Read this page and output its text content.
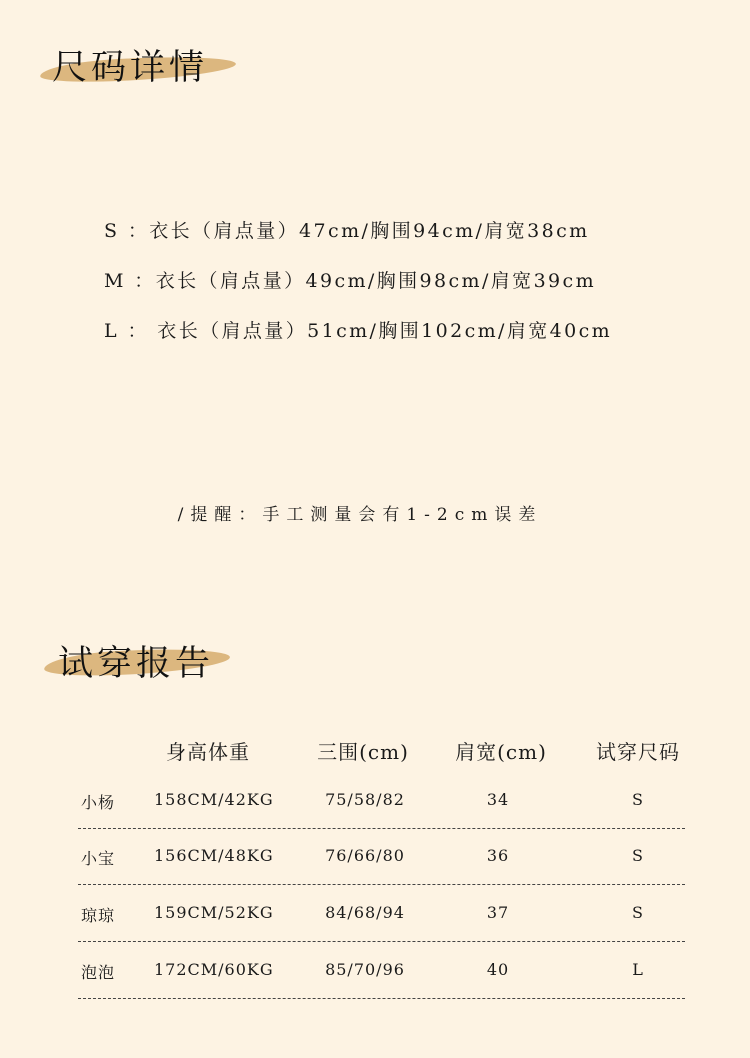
尺码详情
S ：衣长（肩点量）47cm/胸围94cm/肩宽38cm
M ：衣长（肩点量）49cm/胸围98cm/肩宽39cm
L ： 衣长（肩点量）51cm/胸围102cm/肩宽40cm
/提醒：手工测量会有1-2cm误差
试穿报告
身高体重	三围(cm)	肩宽(cm)	试穿尺码
小杨 158CM/42KG	75/58/82	34	S
小宝 156CM/48KG	76/66/80	36	S
琼琼 159CM/52KG	84/68/94	37	S
泡泡 172CM/60KG	85/70/96	40	L
